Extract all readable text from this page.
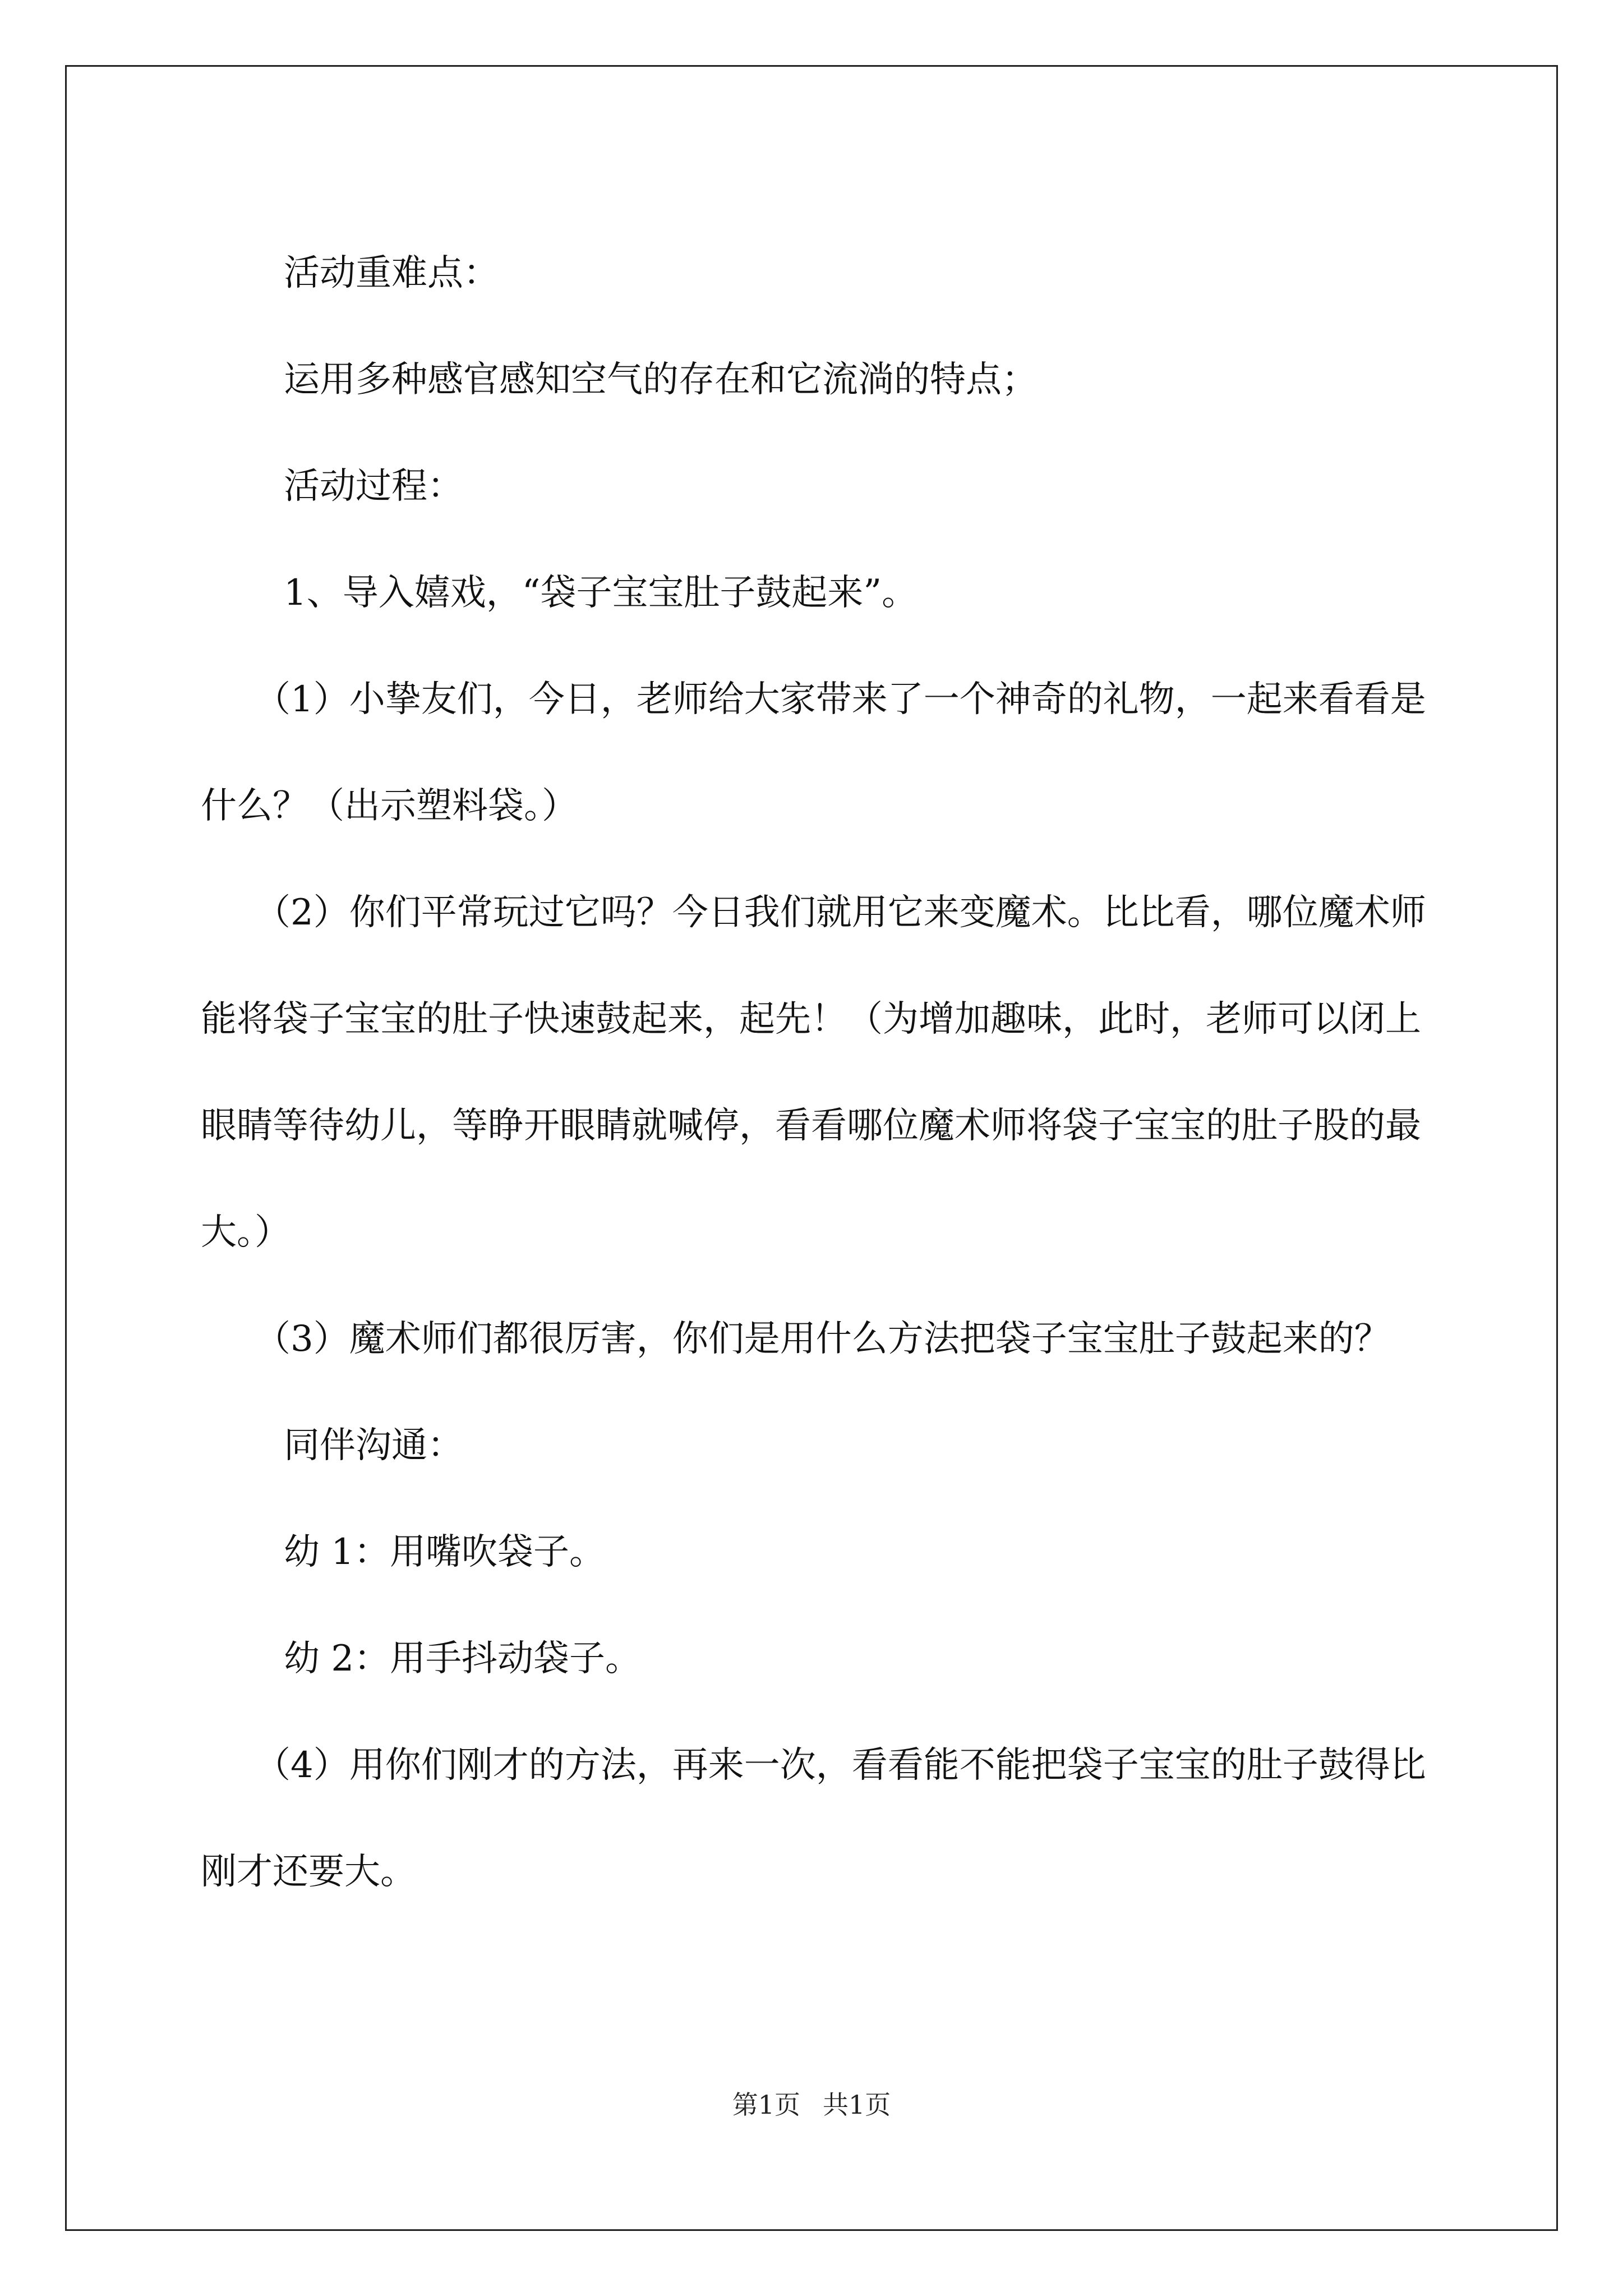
活动重难点：

运用多种感官感知空气的存在和它流淌的特点；

活动过程：

1、导入嬉戏，“袋子宝宝肚子鼓起来”。

（1）小挚友们，今日，老师给大家带来了一个神奇的礼物，一起来看看是什么？（出示塑料袋。）

（2）你们平常玩过它吗？今日我们就用它来变魔术。比比看，哪位魔术师能将袋子宝宝的肚子快速鼓起来，起先！（为增加趣味，此时，老师可以闭上眼睛等待幼儿，等睁开眼睛就喊停，看看哪位魔术师将袋子宝宝的肚子股的最大。）

（3）魔术师们都很厉害，你们是用什么方法把袋子宝宝肚子鼓起来的？

同伴沟通：

幼 1：用嘴吹袋子。

幼 2：用手抖动袋子。

（4）用你们刚才的方法，再来一次，看看能不能把袋子宝宝的肚子鼓得比刚才还要大。

第1页 共1页
